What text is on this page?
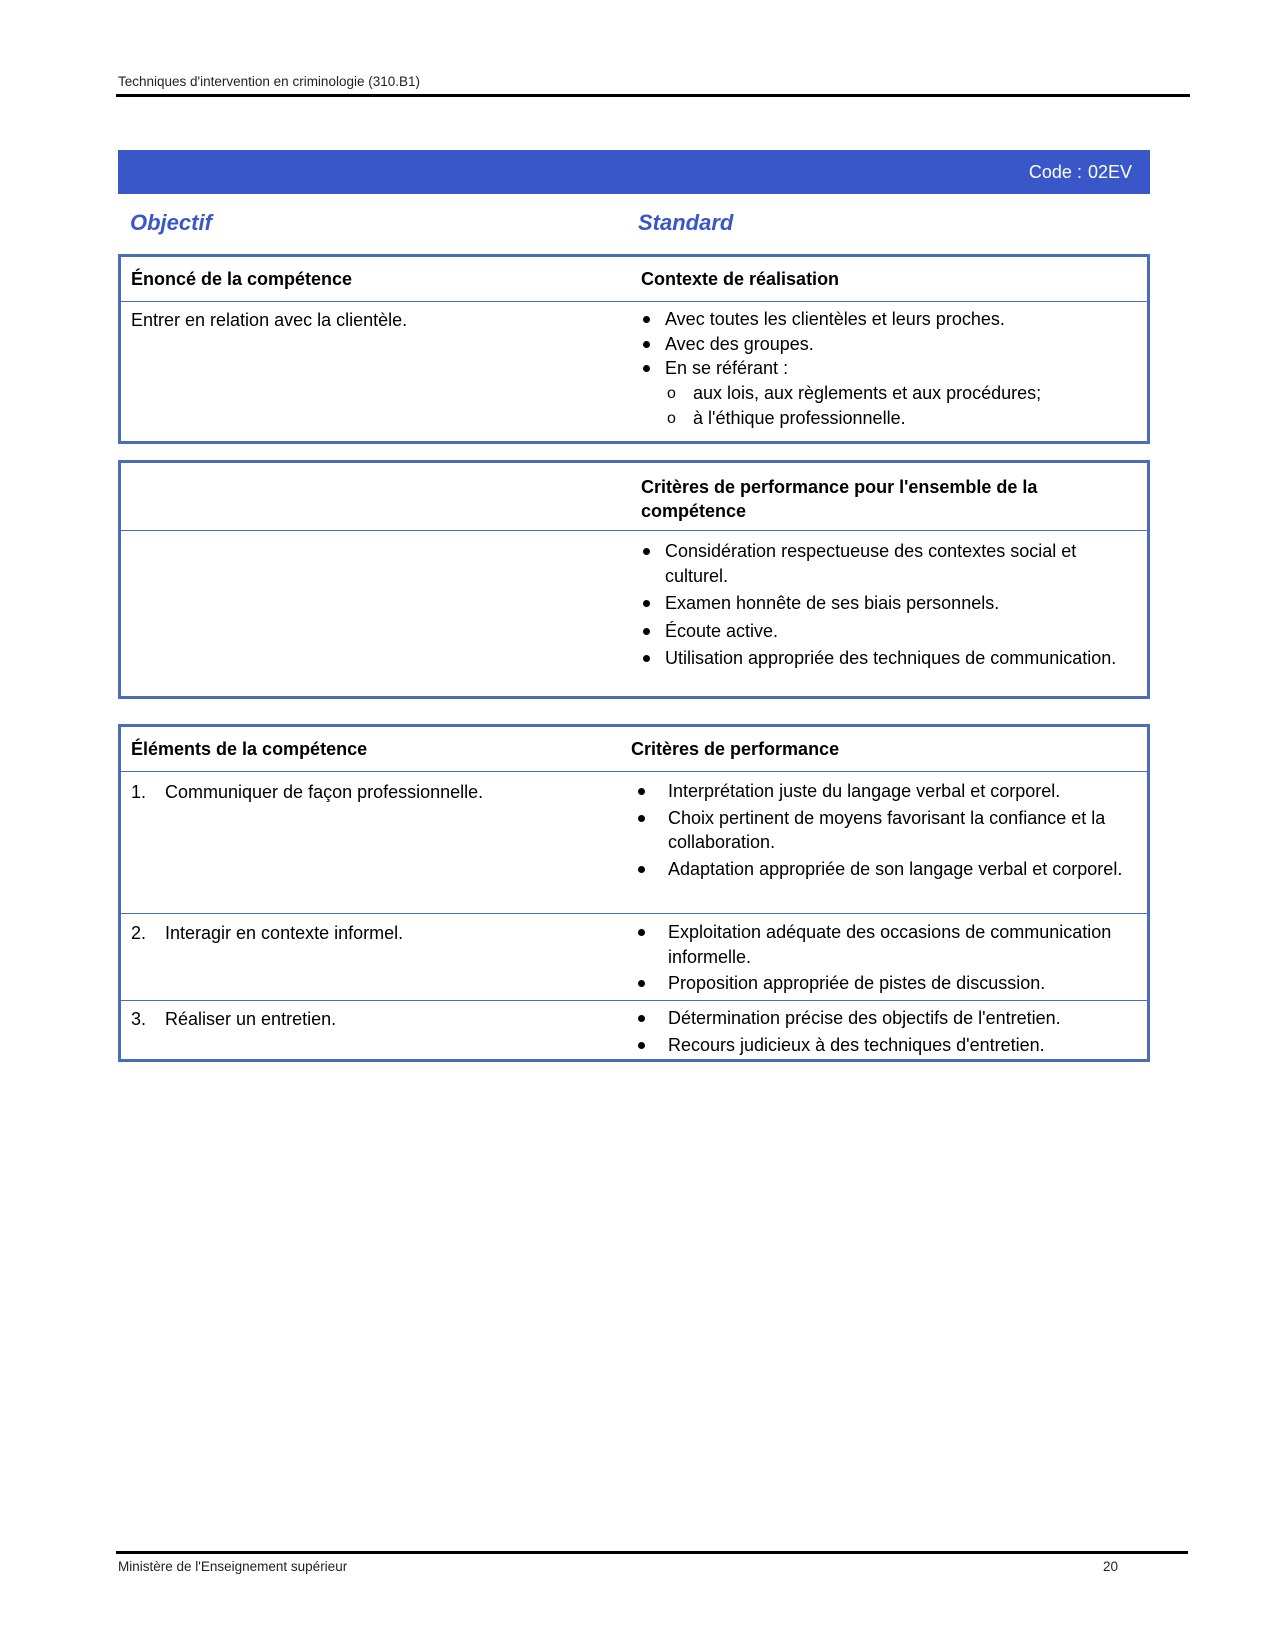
Techniques d'intervention en criminologie (310.B1)
Code : 02EV
Objectif	Standard
Énoncé de la compétence	Contexte de réalisation
Entrer en relation avec la clientèle.	Avec toutes les clientèles et leurs proches.
Avec des groupes.
En se référant :
o aux lois, aux règlements et aux procédures;
o à l'éthique professionnelle.
Critères de performance pour l'ensemble de la compétence
Considération respectueuse des contextes social et culturel.
Examen honnête de ses biais personnels.
Écoute active.
Utilisation appropriée des techniques de communication.
Éléments de la compétence	Critères de performance
1. Communiquer de façon professionnelle.	Interprétation juste du langage verbal et corporel.
Choix pertinent de moyens favorisant la confiance et la collaboration.
Adaptation appropriée de son langage verbal et corporel.
2. Interagir en contexte informel.	Exploitation adéquate des occasions de communication informelle.
Proposition appropriée de pistes de discussion.
3. Réaliser un entretien.	Détermination précise des objectifs de l'entretien.
Recours judicieux à des techniques d'entretien.
Ministère de l'Enseignement supérieur	20
